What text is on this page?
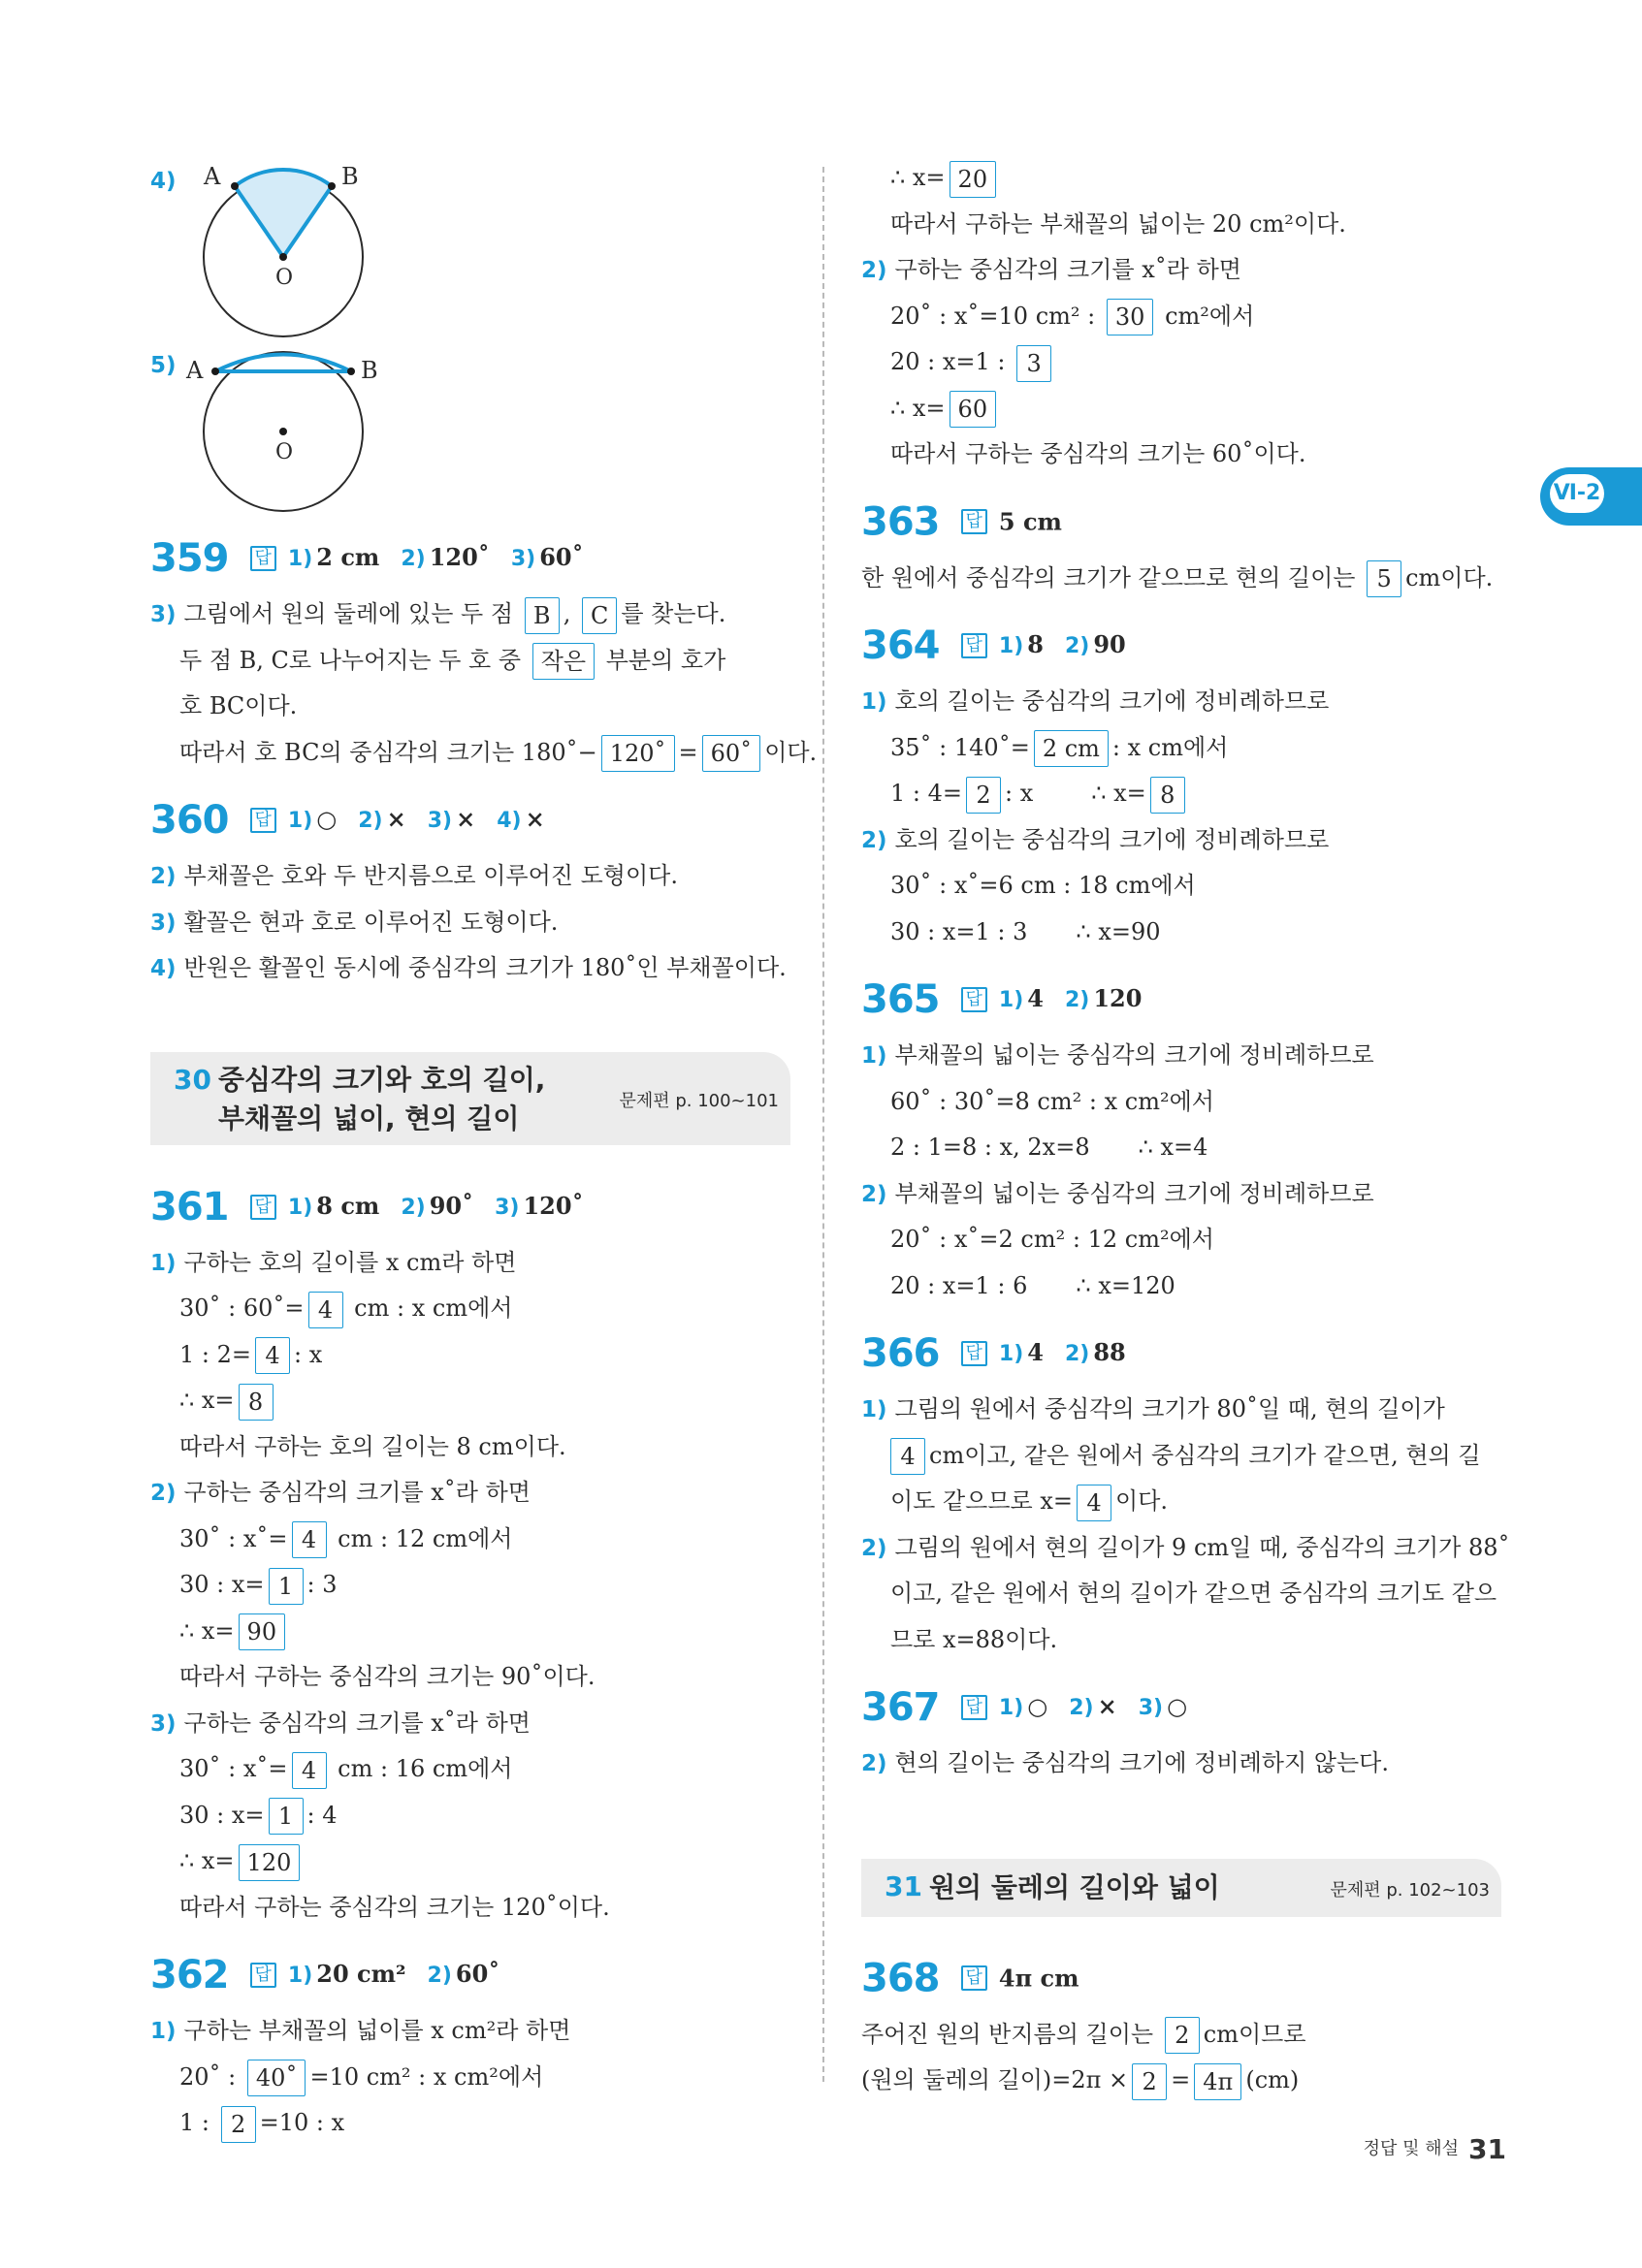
Ⅵ-2
4) A	B
O
5) A	B
O
359 답 1) 2 cm 2) 120˚ 3) 60˚
3) 그림에서 원의 둘레에 있는 두 점 B , C 를 찾는다.
두 점 B, C로 나누어지는 두 호 중 작은 부분의 호가
호 BC이다.
따라서 호 BC의 중심각의 크기는 180˚− 120˚ = 60˚ 이다.
360 답 1) ○ 2) × 3) × 4) ×
2) 부채꼴은 호와 두 반지름으로 이루어진 도형이다.
3) 활꼴은 현과 호로 이루어진 도형이다.
4) 반원은 활꼴인 동시에 중심각의 크기가 180˚인 부채꼴이다.
30 중심각의 크기와 호의 길이,
부채꼴의 넓이, 현의 길이
문제편 p. 100~101
361 답 1) 8 cm 2) 90˚ 3) 120˚
1) 구하는 호의 길이를 x cm라 하면
30˚ : 60˚= 4 cm : x cm에서
1 : 2= 4 : x
∴ x= 8
따라서 구하는 호의 길이는 8 cm이다.
2) 구하는 중심각의 크기를 x˚라 하면
30˚ : x˚= 4 cm : 12 cm에서
30 : x= 1 : 3
∴ x= 90
따라서 구하는 중심각의 크기는 90˚이다.
3) 구하는 중심각의 크기를 x˚라 하면
30˚ : x˚= 4 cm : 16 cm에서
30 : x= 1 : 4
∴ x= 120
따라서 구하는 중심각의 크기는 120˚이다.
362 답 1) 20 cm² 2) 60˚
1) 구하는 부채꼴의 넓이를 x cm²라 하면
20˚ : 40˚ =10 cm² : x cm²에서
1 : 2 =10 : x
∴ x= 20
따라서 구하는 부채꼴의 넓이는 20 cm²이다.
2) 구하는 중심각의 크기를 x˚라 하면
20˚ : x˚=10 cm² : 30 cm²에서
20 : x=1 : 3
∴ x= 60
따라서 구하는 중심각의 크기는 60˚이다.
363 답 5 cm
한 원에서 중심각의 크기가 같으므로 현의 길이는 5 cm이다.
364 답 1) 8 2) 90
1) 호의 길이는 중심각의 크기에 정비례하므로
35˚ : 140˚= 2 cm : x cm에서
1 : 4= 2 : x	∴ x= 8
2) 호의 길이는 중심각의 크기에 정비례하므로
30˚ : x˚=6 cm : 18 cm에서
30 : x=1 : 3 ∴ x=90
365 답 1) 4 2) 120
1) 부채꼴의 넓이는 중심각의 크기에 정비례하므로
60˚ : 30˚=8 cm² : x cm²에서
2 : 1=8 : x, 2x=8 ∴ x=4
2) 부채꼴의 넓이는 중심각의 크기에 정비례하므로
20˚ : x˚=2 cm² : 12 cm²에서
20 : x=1 : 6 ∴ x=120
366 답 1) 4 2) 88
1) 그림의 원에서 중심각의 크기가 80˚일 때, 현의 길이가
4 cm이고, 같은 원에서 중심각의 크기가 같으면, 현의 길
이도 같으므로 x= 4 이다.
2) 그림의 원에서 현의 길이가 9 cm일 때, 중심각의 크기가 88˚
이고, 같은 원에서 현의 길이가 같으면 중심각의 크기도 같으
므로 x=88이다.
367 답 1) ○ 2) × 3) ○
2) 현의 길이는 중심각의 크기에 정비례하지 않는다.
31 원의 둘레의 길이와 넓이	문제편 p. 102~103
368 답 4π cm
주어진 원의 반지름의 길이는 2 cm이므로
(원의 둘레의 길이)=2π × 2 = 4π (cm)
정답 및 해설 31
